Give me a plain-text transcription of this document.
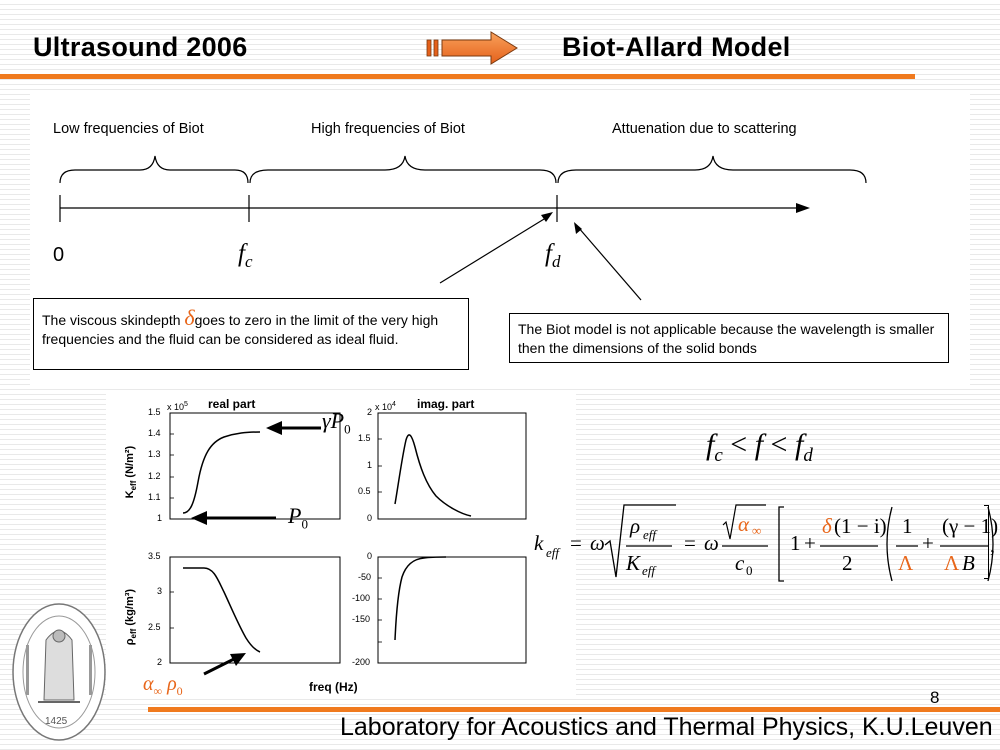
Ultrasound 2006	Biot-Allard Model
Low frequencies of Biot	High frequencies of Biot	Attuenation due to scattering
0	$f_c$	$f_d$
The viscous skindepth δgoes to zero in the limit of the very high frequencies and the fluid can be considered as ideal fluid.
The Biot model is not applicable because the wavelength is smaller then the dimensions of the solid bonds
real part	imag. part
x $10^5$	x $10^4$
1.5
1.4
1.3
1.2
1.1
1
2
1.5
1
0.5
0
3.5
3
2.5
2
0
-50
-100
-150
-200
$K_{eff}$ (N/m²)
$\rho_{eff}$ (kg/m³)
freq (Hz)
$\gamma P_0$
$P_0$
$\alpha_\infty$ $\rho_0$
$f_c < f < f_d$
k eff = ω
ρ eff
K eff
= ω
α ∞
c 0
1 +
δ (1 − i)
2
1
Λ
+
(γ − 1)
Λ B
,
1425
8
Laboratory for Acoustics and Thermal Physics, K.U.Leuven
